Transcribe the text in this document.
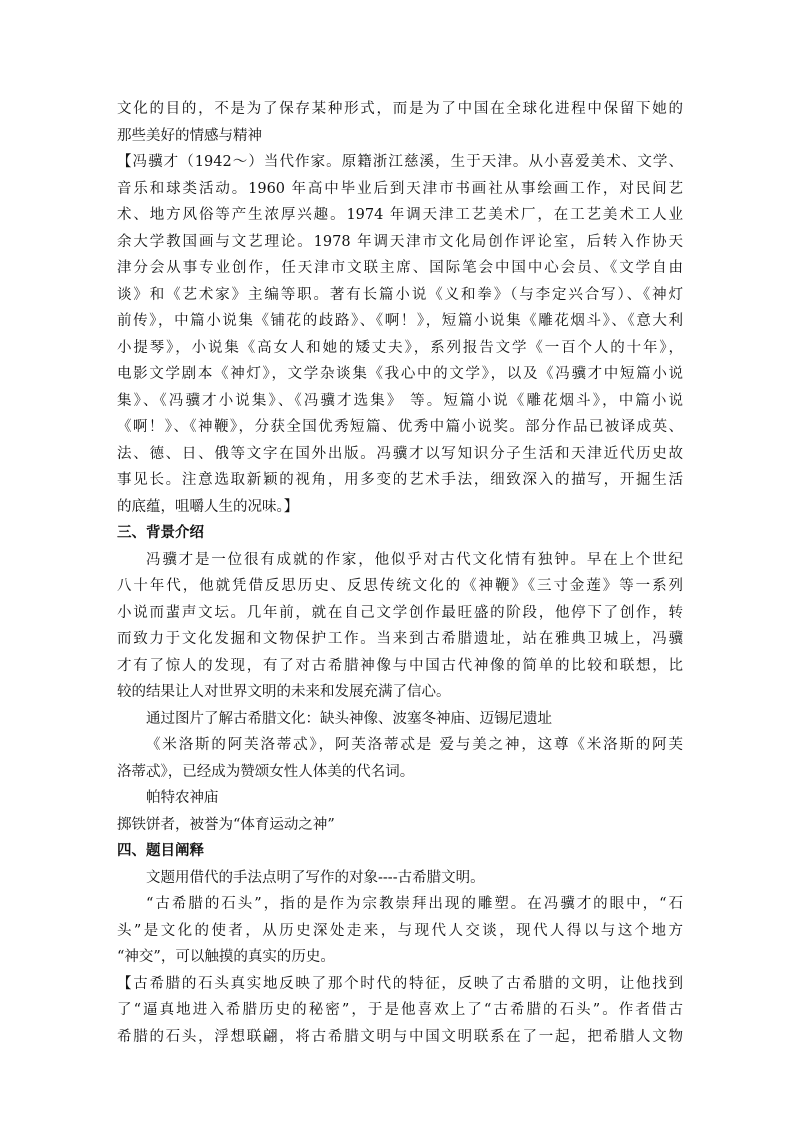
文化的目的，不是为了保存某种形式，而是为了中国在全球化进程中保留下她的
那些美好的情感与精神
【冯骥才（1942～）当代作家。原籍浙江慈溪，生于天津。从小喜爱美术、文学、
音乐和球类活动。1960 年高中毕业后到天津市书画社从事绘画工作，对民间艺
术、地方风俗等产生浓厚兴趣。1974 年调天津工艺美术厂，在工艺美术工人业
余大学教国画与文艺理论。1978 年调天津市文化局创作评论室，后转入作协天
津分会从事专业创作，任天津市文联主席、国际笔会中国中心会员、《文学自由
谈》和《艺术家》主编等职。著有长篇小说《义和拳》（与李定兴合写）、《神灯
前传》，中篇小说集《铺花的歧路》、《啊！》，短篇小说集《雕花烟斗》、《意大利
小提琴》，小说集《高女人和她的矮丈夫》，系列报告文学《一百个人的十年》，
电影文学剧本《神灯》，文学杂谈集《我心中的文学》，以及《冯骥才中短篇小说
集》、《冯骥才小说集》、《冯骥才选集》 等。短篇小说《雕花烟斗》，中篇小说
《啊！》、《神鞭》，分获全国优秀短篇、优秀中篇小说奖。部分作品已被译成英、
法、德、日、俄等文字在国外出版。冯骥才以写知识分子生活和天津近代历史故
事见长。注意选取新颖的视角，用多变的艺术手法，细致深入的描写，开掘生活
的底蕴，咀嚼人生的况味。】
三、背景介绍
冯骥才是一位很有成就的作家，他似乎对古代文化情有独钟。早在上个世纪
八十年代，他就凭借反思历史、反思传统文化的《神鞭》《三寸金莲》等一系列
小说而蜚声文坛。几年前，就在自己文学创作最旺盛的阶段，他停下了创作，转
而致力于文化发掘和文物保护工作。当来到古希腊遗址，站在雅典卫城上，冯骥
才有了惊人的发现，有了对古希腊神像与中国古代神像的简单的比较和联想，比
较的结果让人对世界文明的未来和发展充满了信心。
通过图片了解古希腊文化：缺头神像、波塞冬神庙、迈锡尼遗址
《米洛斯的阿芙洛蒂忒》，阿芙洛蒂忒是 爱与美之神，这尊《米洛斯的阿芙
洛蒂忒》，已经成为赞颂女性人体美的代名词。
帕特农神庙
掷铁饼者，被誉为“体育运动之神”
四、题目阐释
文题用借代的手法点明了写作的对象----古希腊文明。
“古希腊的石头”，指的是作为宗教崇拜出现的雕塑。在冯骥才的眼中，“石
头”是文化的使者，从历史深处走来，与现代人交谈，现代人得以与这个地方
“神交”，可以触摸的真实的历史。
【古希腊的石头真实地反映了那个时代的特征，反映了古希腊的文明，让他找到
了“逼真地进入希腊历史的秘密”，于是他喜欢上了“古希腊的石头”。作者借古
希腊的石头，浮想联翩，将古希腊文明与中国文明联系在了一起，把希腊人文物
